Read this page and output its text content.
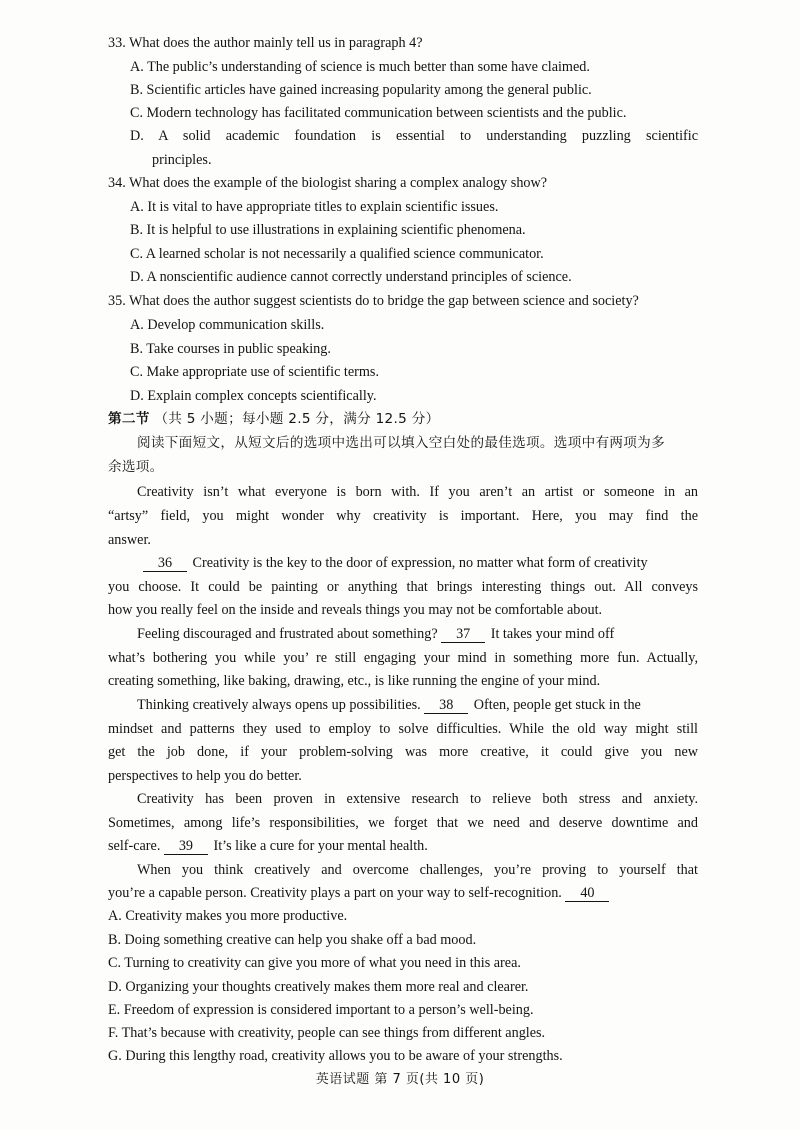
33. What does the author mainly tell us in paragraph 4?
A. The public’s understanding of science is much better than some have claimed.
B. Scientific articles have gained increasing popularity among the general public.
C. Modern technology has facilitated communication between scientists and the public.
D. A solid academic foundation is essential to understanding puzzling scientific
principles.
34. What does the example of the biologist sharing a complex analogy show?
A. It is vital to have appropriate titles to explain scientific issues.
B. It is helpful to use illustrations in explaining scientific phenomena.
C. A learned scholar is not necessarily a qualified science communicator.
D. A nonscientific audience cannot correctly understand principles of science.
35. What does the author suggest scientists do to bridge the gap between science and society?
A. Develop communication skills.
B. Take courses in public speaking.
C. Make appropriate use of scientific terms.
D. Explain complex concepts scientifically.
第二节 （共 5 小题；每小题 2.5 分，满分 12.5 分）
阅读下面短文，从短文后的选项中选出可以填入空白处的最佳选项。选项中有两项为多
余选项。
Creativity isn’t what everyone is born with. If you aren’t an artist or someone in an
“artsy” field, you might wonder why creativity is important. Here, you may find the
answer.
36 Creativity is the key to the door of expression, no matter what form of creativity
you choose. It could be painting or anything that brings interesting things out. All conveys
how you really feel on the inside and reveals things you may not be comfortable about.
Feeling discouraged and frustrated about something? 37 It takes your mind off
what’s bothering you while you’ re still engaging your mind in something more fun. Actually,
creating something, like baking, drawing, etc., is like running the engine of your mind.
Thinking creatively always opens up possibilities. 38 Often, people get stuck in the
mindset and patterns they used to employ to solve difficulties. While the old way might still
get the job done, if your problem-solving was more creative, it could give you new
perspectives to help you do better.
Creativity has been proven in extensive research to relieve both stress and anxiety.
Sometimes, among life’s responsibilities, we forget that we need and deserve downtime and
self-care. 39 It’s like a cure for your mental health.
When you think creatively and overcome challenges, you’re proving to yourself that
you’re a capable person. Creativity plays a part on your way to self-recognition. 40
A. Creativity makes you more productive.
B. Doing something creative can help you shake off a bad mood.
C. Turning to creativity can give you more of what you need in this area.
D. Organizing your thoughts creatively makes them more real and clearer.
E. Freedom of expression is considered important to a person’s well-being.
F. That’s because with creativity, people can see things from different angles.
G. During this lengthy road, creativity allows you to be aware of your strengths.
英语试题 第 7 页(共 10 页)
